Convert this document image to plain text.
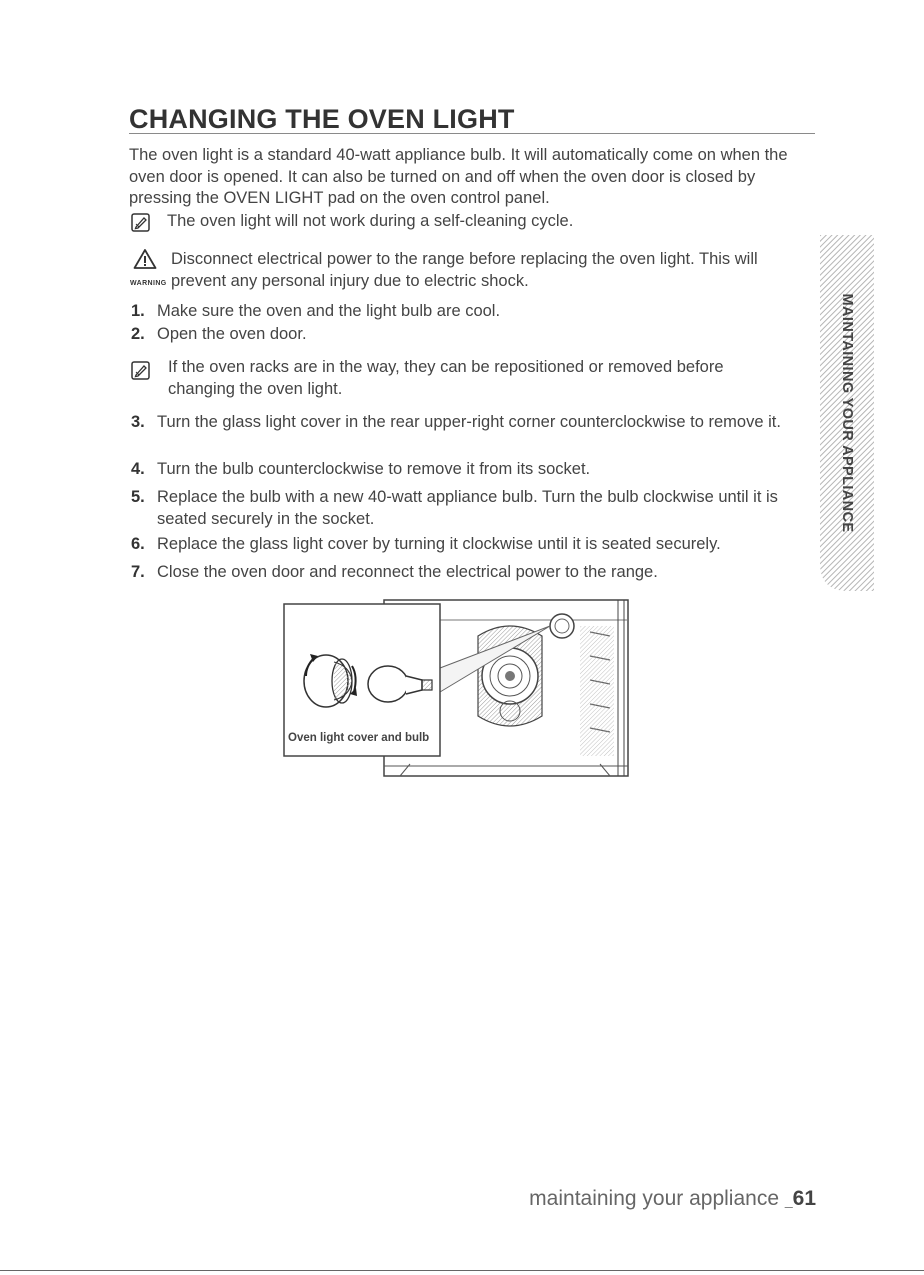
CHANGING THE OVEN LIGHT
The oven light is a standard 40-watt appliance bulb. It will automatically come on when the oven door is opened. It can also be turned on and off when the oven door is closed by pressing the OVEN LIGHT pad on the oven control panel.
The oven light will not work during a self-cleaning cycle.
WARNING
Disconnect electrical power to the range before replacing the oven light. This will prevent any personal injury due to electric shock.
1. Make sure the oven and the light bulb are cool.
2. Open the oven door.
If the oven racks are in the way, they can be repositioned or removed before changing the oven light.
3. Turn the glass light cover in the rear upper-right corner counterclockwise to remove it.
4. Turn the bulb counterclockwise to remove it from its socket.
5. Replace the bulb with a new 40-watt appliance bulb. Turn the bulb clockwise until it is seated securely in the socket.
6. Replace the glass light cover by turning it clockwise until it is seated securely.
7. Close the oven door and reconnect the electrical power to the range.
MAINTAINING YOUR APPLIANCE
Oven light cover and bulb
maintaining your appliance _61
